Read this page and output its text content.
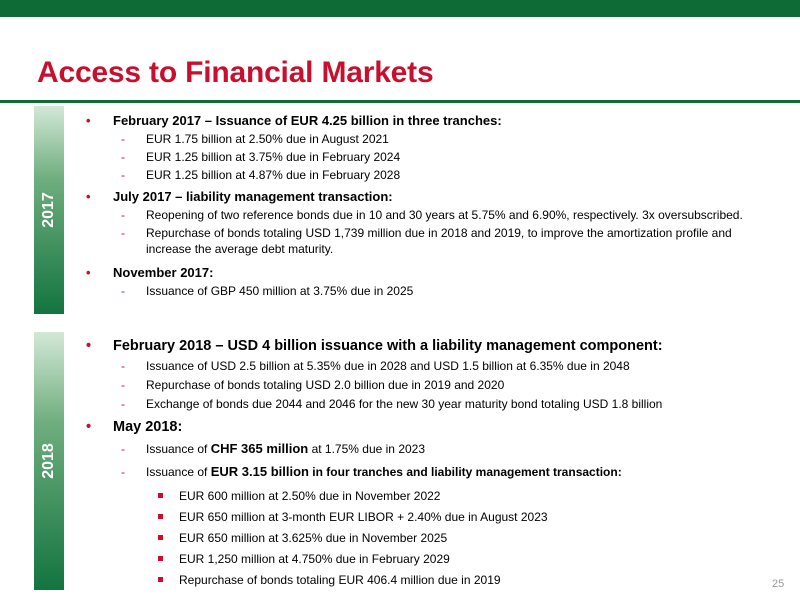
Access to Financial Markets
2017
• February 2017 – Issuance of EUR 4.25 billion in three tranches:
- EUR 1.75 billion at 2.50% due in August 2021
- EUR 1.25 billion at 3.75% due in February 2024
- EUR 1.25 billion at 4.87% due in February 2028
• July 2017 – liability management transaction:
- Reopening of two reference bonds due in 10 and 30 years at 5.75% and 6.90%, respectively. 3x oversubscribed.
- Repurchase of bonds totaling USD 1,739 million due in 2018 and 2019, to improve the amortization profile and increase the average debt maturity.
• November 2017:
- Issuance of GBP 450 million at 3.75% due in 2025
2018
• February 2018 – USD 4 billion issuance with a liability management component:
- Issuance of USD 2.5 billion at 5.35% due in 2028 and USD 1.5 billion at 6.35% due in 2048
- Repurchase of bonds totaling USD 2.0 billion due in 2019 and 2020
- Exchange of bonds due 2044 and 2046 for the new 30 year maturity bond totaling USD 1.8 billion
• May 2018:
- Issuance of CHF 365 million at 1.75% due in 2023
- Issuance of EUR 3.15 billion in four tranches and liability management transaction:
EUR 600 million at 2.50% due in November 2022
EUR 650 million at 3-month EUR LIBOR + 2.40% due in August 2023
EUR 650 million at 3.625% due in November 2025
EUR 1,250 million at 4.750% due in February 2029
Repurchase of bonds totaling EUR 406.4 million due in 2019	25
